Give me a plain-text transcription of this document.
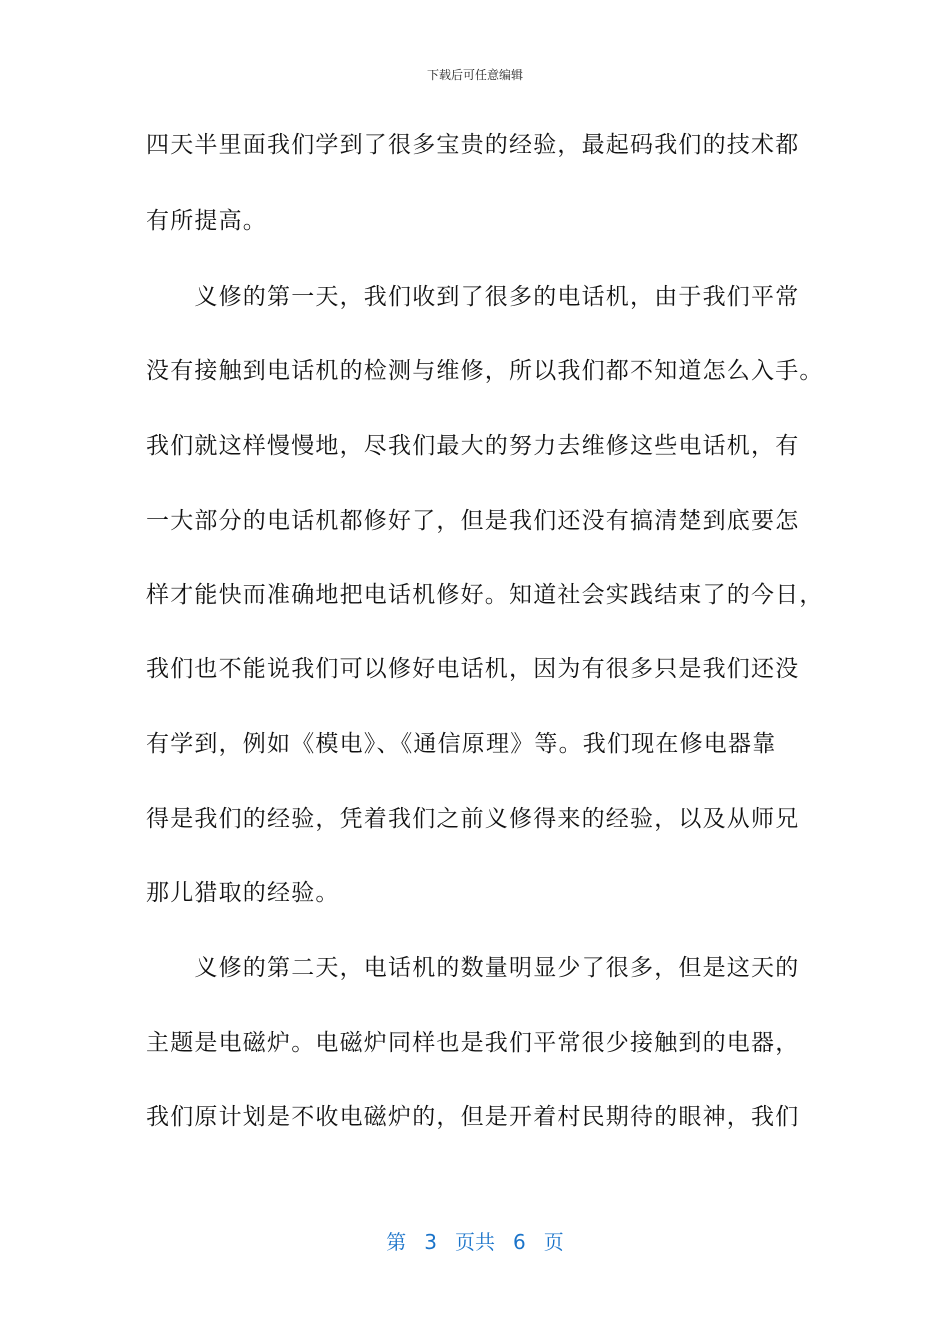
下载后可任意编辑
四天半里面我们学到了很多宝贵的经验，最起码我们的技术都
有所提高。
　　义修的第一天，我们收到了很多的电话机，由于我们平常
没有接触到电话机的检测与维修，所以我们都不知道怎么入手。
我们就这样慢慢地，尽我们最大的努力去维修这些电话机，有
一大部分的电话机都修好了，但是我们还没有搞清楚到底要怎
样才能快而准确地把电话机修好。知道社会实践结束了的今日，
我们也不能说我们可以修好电话机，因为有很多只是我们还没
有学到，例如《模电》、《通信原理》等。我们现在修电器靠
得是我们的经验，凭着我们之前义修得来的经验，以及从师兄
那儿猎取的经验。
　　义修的第二天，电话机的数量明显少了很多，但是这天的
主题是电磁炉。电磁炉同样也是我们平常很少接触到的电器，
我们原计划是不收电磁炉的，但是开着村民期待的眼神，我们
第 3 页共 6 页
